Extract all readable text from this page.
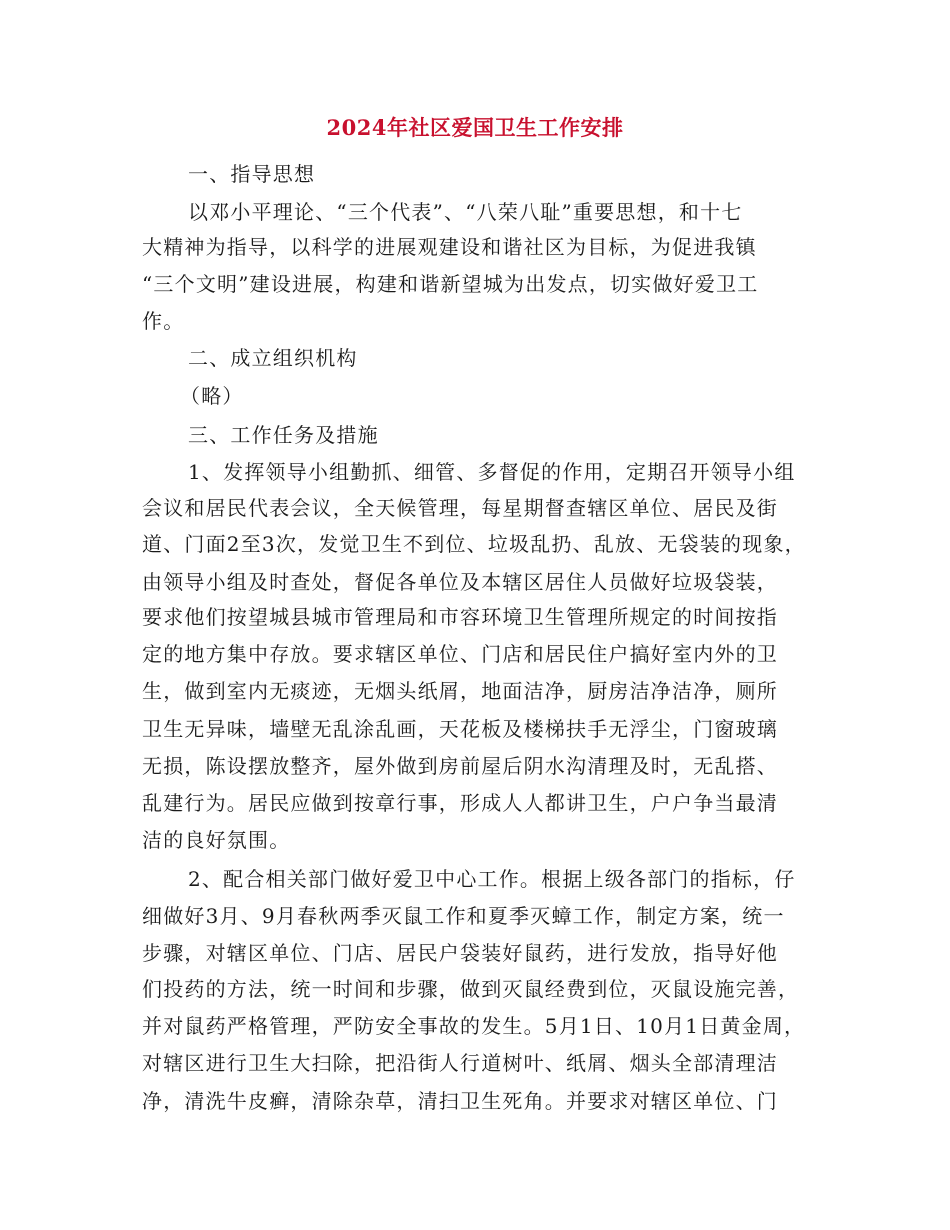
2024年社区爱国卫生工作安排
一、指导思想
以邓小平理论、“三个代表”、“八荣八耻”重要思想，和十七
大精神为指导，以科学的进展观建设和谐社区为目标，为促进我镇
“三个文明”建设进展，构建和谐新望城为出发点，切实做好爱卫工
作。
二、成立组织机构
（略）
三、工作任务及措施
1、发挥领导小组勤抓、细管、多督促的作用，定期召开领导小组
会议和居民代表会议，全天候管理，每星期督查辖区单位、居民及街
道、门面2至3次，发觉卫生不到位、垃圾乱扔、乱放、无袋装的现象，
由领导小组及时查处，督促各单位及本辖区居住人员做好垃圾袋装，
要求他们按望城县城市管理局和市容环境卫生管理所规定的时间按指
定的地方集中存放。要求辖区单位、门店和居民住户搞好室内外的卫
生，做到室内无痰迹，无烟头纸屑，地面洁净，厨房洁净洁净，厕所
卫生无异味，墙壁无乱涂乱画，天花板及楼梯扶手无浮尘，门窗玻璃
无损，陈设摆放整齐，屋外做到房前屋后阴水沟清理及时，无乱搭、
乱建行为。居民应做到按章行事，形成人人都讲卫生，户户争当最清
洁的良好氛围。
2、配合相关部门做好爱卫中心工作。根据上级各部门的指标，仔
细做好3月、9月春秋两季灭鼠工作和夏季灭蟑工作，制定方案，统一
步骤，对辖区单位、门店、居民户袋装好鼠药，进行发放，指导好他
们投药的方法，统一时间和步骤，做到灭鼠经费到位，灭鼠设施完善，
并对鼠药严格管理，严防安全事故的发生。5月1日、10月1日黄金周，
对辖区进行卫生大扫除，把沿街人行道树叶、纸屑、烟头全部清理洁
净，清洗牛皮癣，清除杂草，清扫卫生死角。并要求对辖区单位、门
